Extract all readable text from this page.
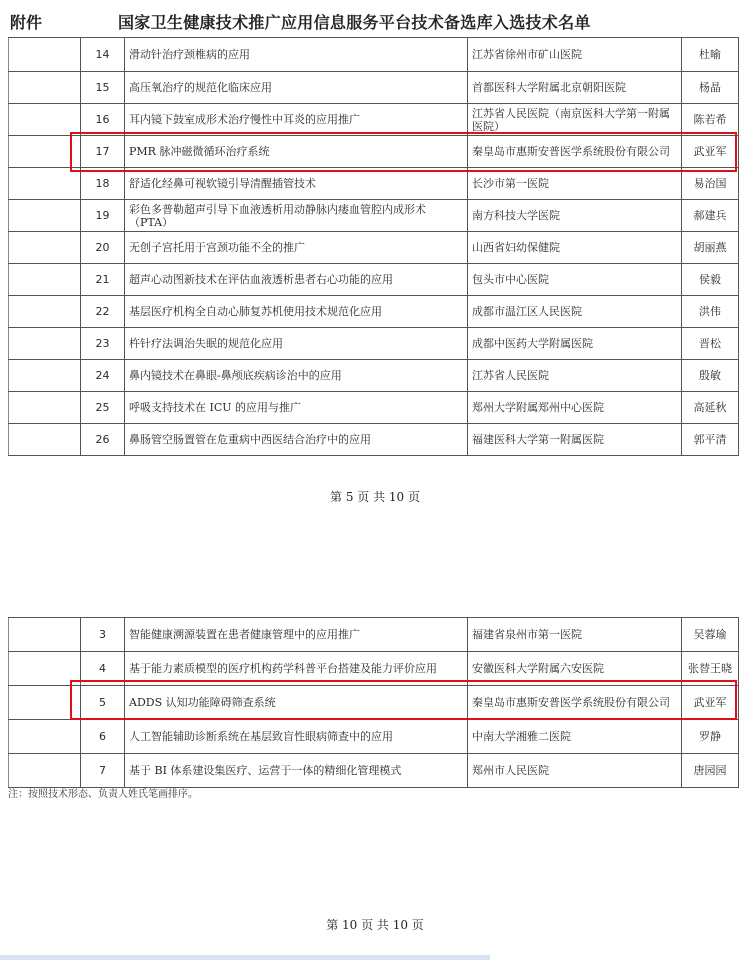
附件	国家卫生健康技术推广应用信息服务平台技术备选库入选技术名单
	14	滑动针治疗颈椎病的应用	江苏省徐州市矿山医院	杜喻
	15	高压氧治疗的规范化临床应用	首都医科大学附属北京朝阳医院	杨晶
	16	耳内镜下鼓室成形术治疗慢性中耳炎的应用推广	江苏省人民医院（南京医科大学第一附属医院）	陈若希
	17	PMR 脉冲磁微循环治疗系统	秦皇岛市惠斯安普医学系统股份有限公司	武亚军
	18	舒适化经鼻可视软镜引导清醒插管技术	长沙市第一医院	易治国
	19	彩色多普勒超声引导下血液透析用动静脉内瘘血管腔内成形术（PTA）	南方科技大学医院	郝建兵
	20	无创子宫托用于宫颈功能不全的推广	山西省妇幼保健院	胡丽燕
	21	超声心动图新技术在评估血液透析患者右心功能的应用	包头市中心医院	侯毅
	22	基层医疗机构全自动心肺复苏机使用技术规范化应用	成都市温江区人民医院	洪伟
	23	杵针疗法调治失眠的规范化应用	成都中医药大学附属医院	晋松
	24	鼻内镜技术在鼻眼-鼻颅底疾病诊治中的应用	江苏省人民医院	殷敏
	25	呼吸支持技术在 ICU 的应用与推广	郑州大学附属郑州中心医院	高延秋
	26	鼻肠管空肠置管在危重病中西医结合治疗中的应用	福建医科大学第一附属医院	郭平清
第 5 页 共 10 页
	3	智能健康溯源装置在患者健康管理中的应用推广	福建省泉州市第一医院	吴蓉瑜
	4	基于能力素质模型的医疗机构药学科普平台搭建及能力评价应用	安徽医科大学附属六安医院	张替王晓
	5	ADDS 认知功能障碍筛查系统	秦皇岛市惠斯安普医学系统股份有限公司	武亚军
	6	人工智能辅助诊断系统在基层致盲性眼病筛查中的应用	中南大学湘雅二医院	罗静
	7	基于 BI 体系建设集医疗、运营于一体的精细化管理模式	郑州市人民医院	唐园园
注：按照技术形态、负责人姓氏笔画排序。
第 10 页 共 10 页
